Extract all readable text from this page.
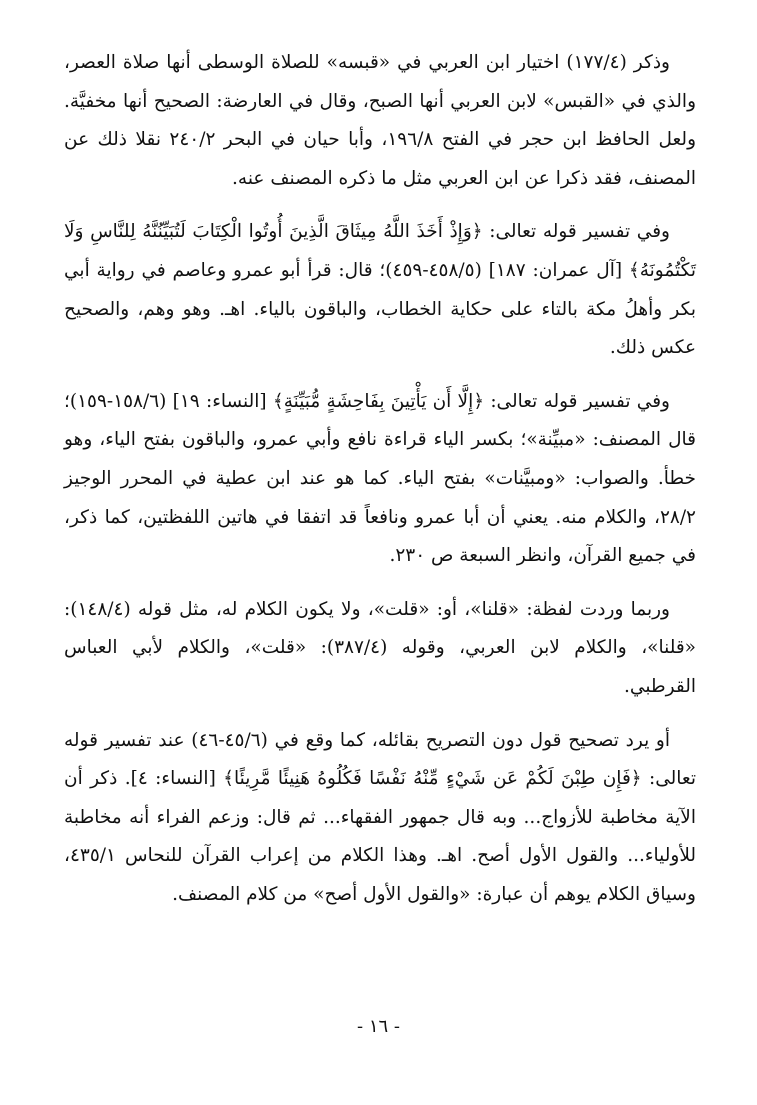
وذكر (١٧٧/٤) اختيار ابن العربي في «قبسه» للصلاة الوسطى أنها صلاة العصر، والذي في «القبس» لابن العربي أنها الصبح، وقال في العارضة: الصحيح أنها مخفيَّة. ولعل الحافظ ابن حجر في الفتح ١٩٦/٨، وأبا حيان في البحر ٢٤٠/٢ نقلا ذلك عن المصنف، فقد ذكرا عن ابن العربي مثل ما ذكره المصنف عنه.

وفي تفسير قوله تعالى: ﴿وَإِذْ أَخَذَ اللَّهُ مِيثَاقَ الَّذِينَ أُوتُوا الْكِتَابَ لَتُبَيِّنُنَّهُ لِلنَّاسِ وَلَا تَكْتُمُونَهُ﴾ [آل عمران: ١٨٧] (٤٥٨/٥-٤٥٩)؛ قال: قرأ أبو عمرو وعاصم في رواية أبي بكر وأهلُ مكة بالتاء على حكاية الخطاب، والباقون بالياء. اهـ. وهو وهم، والصحيح عكس ذلك.

وفي تفسير قوله تعالى: ﴿إِلَّا أَن يَأْتِينَ بِفَاحِشَةٍ مُّبَيِّنَةٍ﴾ [النساء: ١٩] (١٥٨/٦-١٥٩)؛ قال المصنف: «مبيِّنة»؛ بكسر الياء قراءة نافع وأبي عمرو، والباقون بفتح الياء، وهو خطأ. والصواب: «ومبيَّنات» بفتح الياء. كما هو عند ابن عطية في المحرر الوجيز ٢٨/٢، والكلام منه. يعني أن أبا عمرو ونافعاً قد اتفقا في هاتين اللفظتين، كما ذكر، في جميع القرآن، وانظر السبعة ص ٢٣٠.

وربما وردت لفظة: «قلنا»، أو: «قلت»، ولا يكون الكلام له، مثل قوله (١٤٨/٤): «قلنا»، والكلام لابن العربي، وقوله (٣٨٧/٤): «قلت»، والكلام لأبي العباس القرطبي.

أو يرد تصحيح قول دون التصريح بقائله، كما وقع في (٤٥/٦-٤٦) عند تفسير قوله تعالى: ﴿فَإِن طِبْنَ لَكُمْ عَن شَيْءٍ مِّنْهُ نَفْسًا فَكُلُوهُ هَنِيئًا مَّرِيئًا﴾ [النساء: ٤]. ذكر أن الآية مخاطبة للأزواج... وبه قال جمهور الفقهاء... ثم قال: وزعم الفراء أنه مخاطبة للأولياء... والقول الأول أصح. اهـ. وهذا الكلام من إعراب القرآن للنحاس ٤٣٥/١، وسياق الكلام يوهم أن عبارة: «والقول الأول أصح» من كلام المصنف.

- ١٦ -
